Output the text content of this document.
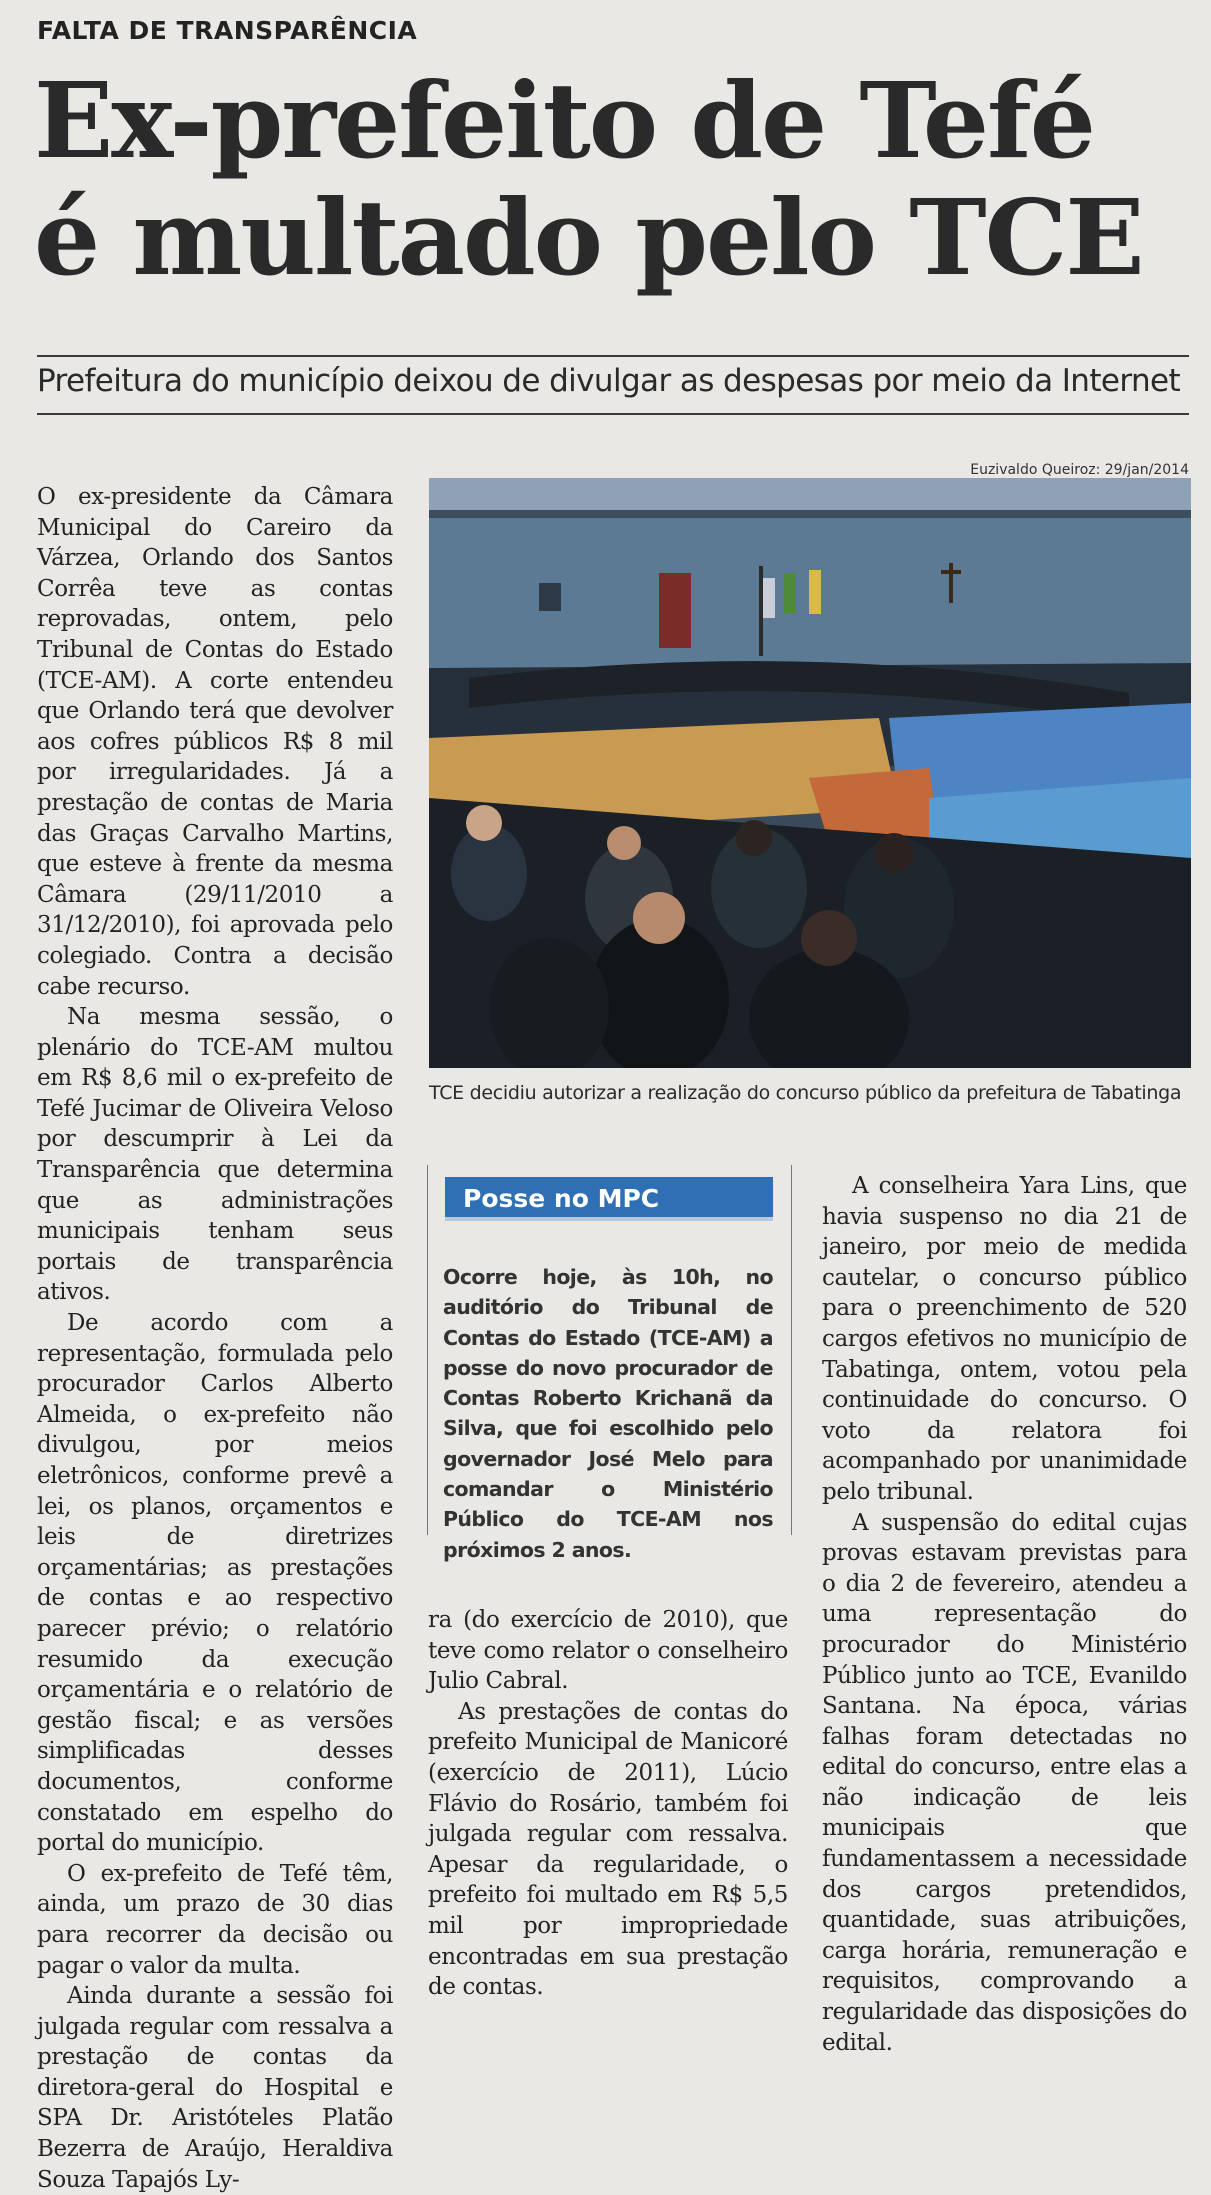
FALTA DE TRANSPARÊNCIA
Ex-prefeito de Tefé
é multado pelo TCE
Prefeitura do município deixou de divulgar as despesas por meio da Internet
Euzivaldo Queiroz: 29/jan/2014
TCE decidiu autorizar a realização do concurso público da prefeitura de Tabatinga

O ex-presidente da Câmara Municipal do Careiro da Várzea, Orlando dos Santos Corrêa teve as contas reprovadas, ontem, pelo Tribunal de Contas do Estado (TCE-AM). A corte entendeu que Orlando terá que devolver aos cofres públicos R$ 8 mil por irregularidades. Já a prestação de contas de Maria das Graças Carvalho Martins, que esteve à frente da mesma Câmara (29/11/2010 a 31/12/2010), foi aprovada pelo colegiado. Contra a decisão cabe recurso.

Na mesma sessão, o plenário do TCE-AM multou em R$ 8,6 mil o ex-prefeito de Tefé Jucimar de Oliveira Veloso por descumprir à Lei da Transparência que determina que as administrações municipais tenham seus portais de transparência ativos.

De acordo com a representação, formulada pelo procurador Carlos Alberto Almeida, o ex-prefeito não divulgou, por meios eletrônicos, conforme prevê a lei, os planos, orçamentos e leis de diretrizes orçamentárias; as prestações de contas e ao respectivo parecer prévio; o relatório resumido da execução orçamentária e o relatório de gestão fiscal; e as versões simplificadas desses documentos, conforme constatado em espelho do portal do município.

O ex-prefeito de Tefé têm, ainda, um prazo de 30 dias para recorrer da decisão ou pagar o valor da multa.

Ainda durante a sessão foi julgada regular com ressalva a prestação de contas da diretora-geral do Hospital e SPA Dr. Aristóteles Platão Bezerra de Araújo, Heraldiva Souza Tapajós Ly-

Posse no MPC
Ocorre hoje, às 10h, no auditório do Tribunal de Contas do Estado (TCE-AM) a posse do novo procurador de Contas Roberto Krichanã da Silva, que foi escolhido pelo governador José Melo para comandar o Ministério Público do TCE-AM nos próximos 2 anos.

ra (do exercício de 2010), que teve como relator o conselheiro Julio Cabral.

As prestações de contas do prefeito Municipal de Manicoré (exercício de 2011), Lúcio Flávio do Rosário, também foi julgada regular com ressalva. Apesar da regularidade, o prefeito foi multado em R$ 5,5 mil por impropriedade encontradas em sua prestação de contas.

A conselheira Yara Lins, que havia suspenso no dia 21 de janeiro, por meio de medida cautelar, o concurso público para o preenchimento de 520 cargos efetivos no município de Tabatinga, ontem, votou pela continuidade do concurso. O voto da relatora foi acompanhado por unanimidade pelo tribunal.

A suspensão do edital cujas provas estavam previstas para o dia 2 de fevereiro, atendeu a uma representação do procurador do Ministério Público junto ao TCE, Evanildo Santana. Na época, várias falhas foram detectadas no edital do concurso, entre elas a não indicação de leis municipais que fundamentassem a necessidade dos cargos pretendidos, quantidade, suas atribuições, carga horária, remuneração e requisitos, comprovando a regularidade das disposições do edital.
